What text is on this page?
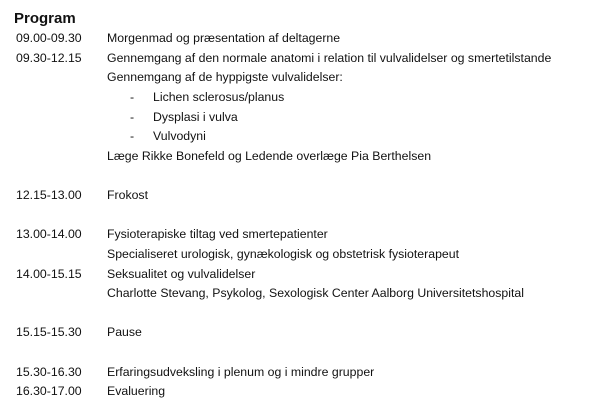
Program
09.00-09.30	Morgenmad og præsentation af deltagerne
09.30-12.15	Gennemgang af den normale anatomi i relation til vulvalidelser og smertetilstande
Gennemgang af de hyppigste vulvalidelser:
- Lichen sclerosus/planus
- Dysplasi i vulva
- Vulvodyni
Læge Rikke Bonefeld og Ledende overlæge Pia Berthelsen
12.15-13.00	Frokost
13.00-14.00	Fysioterapiske tiltag ved smertepatienter
Specialiseret urologisk, gynækologisk og obstetrisk fysioterapeut
14.00-15.15	Seksualitet og vulvalidelser
Charlotte Stevang, Psykolog, Sexologisk Center Aalborg Universitetshospital
15.15-15.30	Pause
15.30-16.30	Erfaringsudveksling i plenum og i mindre grupper
16.30-17.00	Evaluering
